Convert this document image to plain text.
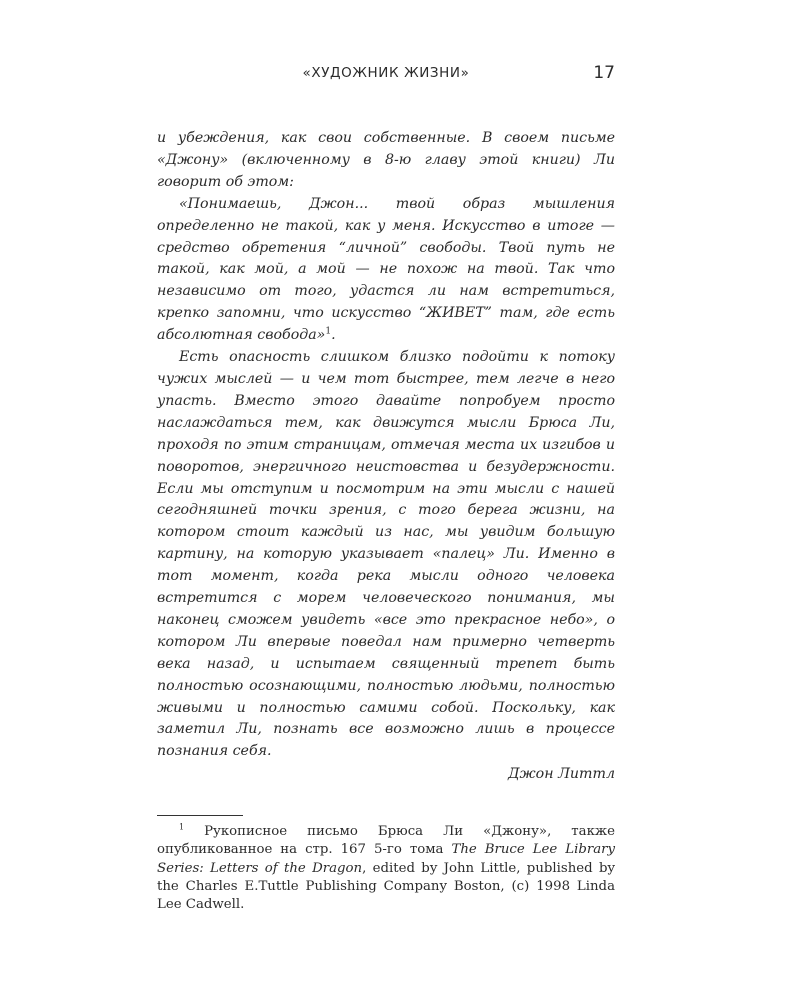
«ХУДОЖНИК ЖИЗНИ»	17

и убеждения, как свои собственные. В своем письме «Джону» (включенному в 8-ю главу этой книги) Ли говорит об этом:

«Понимаешь, Джон... твой образ мышления определенно не такой, как у меня. Искусство в итоге — средство обретения “личной” свободы. Твой путь не такой, как мой, а мой — не похож на твой. Так что независимо от того, удастся ли нам встретиться, крепко запомни, что искусство “ЖИВЕТ” там, где есть абсолютная свобода»$^1$.

Есть опасность слишком близко подойти к потоку чужих мыслей — и чем тот быстрее, тем легче в него упасть. Вместо этого давайте попробуем просто наслаждаться тем, как движутся мысли Брюса Ли, проходя по этим страницам, отмечая места их изгибов и поворотов, энергичного неистовства и безудержности. Если мы отступим и посмотрим на эти мысли с нашей сегодняшней точки зрения, с того берега жизни, на котором стоит каждый из нас, мы увидим большую картину, на которую указывает «палец» Ли. Именно в тот момент, когда река мысли одного человека встретится с морем человеческого понимания, мы наконец сможем увидеть «все это прекрасное небо», о котором Ли впервые поведал нам примерно четверть века назад, и испытаем священный трепет быть полностью осознающими, полностью людьми, полностью живыми и полностью самими собой. Поскольку, как заметил Ли, познать все возможно лишь в процессе познания себя.

Джон Литтл

$^1$ Рукописное письмо Брюса Ли «Джону», также опубликованное на стр. 167 5-го тома The Bruce Lee Library Series: Letters of the Dragon, edited by John Little, published by the Charles E.Tuttle Publishing Company Boston, (c) 1998 Linda Lee Cadwell.
